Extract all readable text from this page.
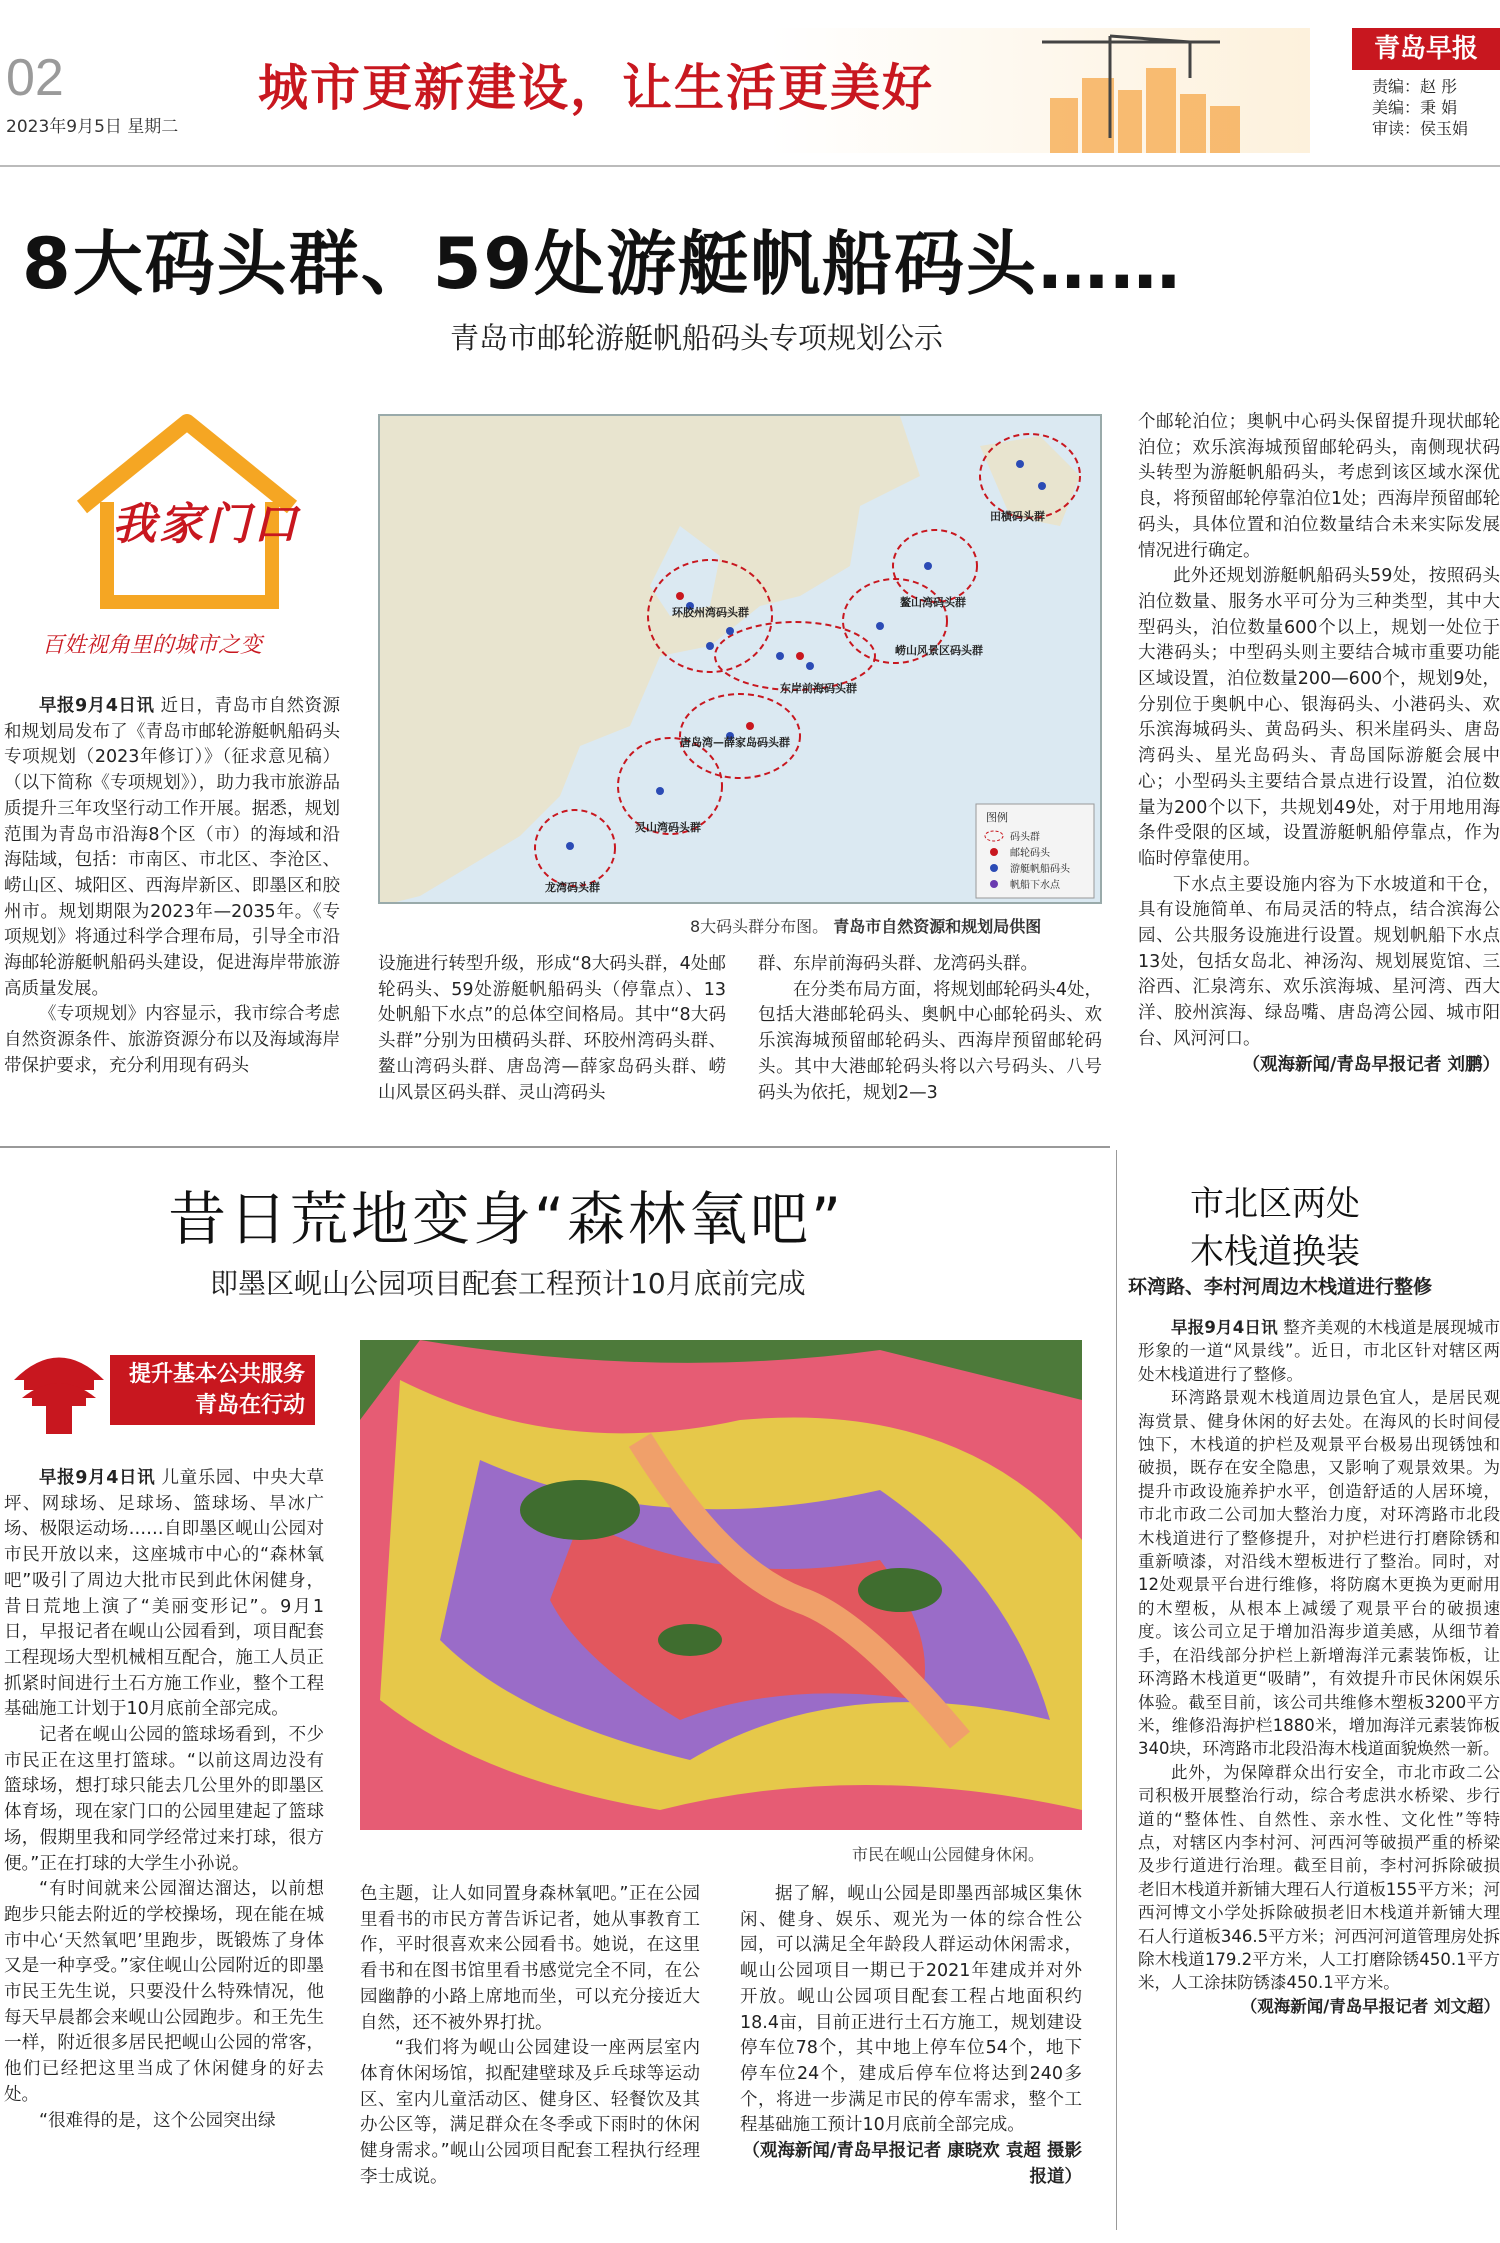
02
2023年9月5日 星期二
城市更新建设，让生活更美好
青岛早报
责编：赵 彤
美编：秉 娟
审读：侯玉娟
8大码头群、59处游艇帆船码头……
青岛市邮轮游艇帆船码头专项规划公示
我家门口
百姓视角里的城市之变

早报9月4日讯 近日，青岛市自然资源和规划局发布了《青岛市邮轮游艇帆船码头专项规划（2023年修订）》（征求意见稿）（以下简称《专项规划》），助力我市旅游品质提升三年攻坚行动工作开展。据悉，规划范围为青岛市沿海8个区（市）的海域和沿海陆域，包括：市南区、市北区、李沧区、崂山区、城阳区、西海岸新区、即墨区和胶州市。规划期限为2023年—2035年。《专项规划》将通过科学合理布局，引导全市沿海邮轮游艇帆船码头建设，促进海岸带旅游高质量发展。

《专项规划》内容显示，我市综合考虑自然资源条件、旅游资源分布以及海域海岸带保护要求，充分利用现有码头

田横码头群
鳌山湾码头群
环胶州湾码头群
崂山风景区码头群
东岸前海码头群
唐岛湾—薛家岛码头群
灵山湾码头群
龙湾码头群
图例
码头群
邮轮码头
游艇帆船码头
帆船下水点
8大码头群分布图。 青岛市自然资源和规划局供图

设施进行转型升级，形成“8大码头群，4处邮轮码头、59处游艇帆船码头（停靠点）、13处帆船下水点”的总体空间格局。其中“8大码头群”分别为田横码头群、环胶州湾码头群、鳌山湾码头群、唐岛湾—薛家岛码头群、崂山风景区码头群、灵山湾码头

群、东岸前海码头群、龙湾码头群。

在分类布局方面，将规划邮轮码头4处，包括大港邮轮码头、奥帆中心邮轮码头、欢乐滨海城预留邮轮码头、西海岸预留邮轮码头。其中大港邮轮码头将以六号码头、八号码头为依托，规划2—3

个邮轮泊位；奥帆中心码头保留提升现状邮轮泊位；欢乐滨海城预留邮轮码头，南侧现状码头转型为游艇帆船码头，考虑到该区域水深优良，将预留邮轮停靠泊位1处；西海岸预留邮轮码头，具体位置和泊位数量结合未来实际发展情况进行确定。

此外还规划游艇帆船码头59处，按照码头泊位数量、服务水平可分为三种类型，其中大型码头，泊位数量600个以上，规划一处位于大港码头；中型码头则主要结合城市重要功能区域设置，泊位数量200—600个，规划9处，分别位于奥帆中心、银海码头、小港码头、欢乐滨海城码头、黄岛码头、积米崖码头、唐岛湾码头、星光岛码头、青岛国际游艇会展中心；小型码头主要结合景点进行设置，泊位数量为200个以下，共规划49处，对于用地用海条件受限的区域，设置游艇帆船停靠点，作为临时停靠使用。

下水点主要设施内容为下水坡道和干仓，具有设施简单、布局灵活的特点，结合滨海公园、公共服务设施进行设置。规划帆船下水点13处，包括女岛北、神汤沟、规划展览馆、三浴西、汇泉湾东、欢乐滨海城、星河湾、西大洋、胶州滨海、绿岛嘴、唐岛湾公园、城市阳台、风河河口。

（观海新闻/青岛早报记者 刘鹏）

昔日荒地变身“森林氧吧”
即墨区岘山公园项目配套工程预计10月底前完成
提升基本公共服务
青岛在行动

早报9月4日讯 儿童乐园、中央大草坪、网球场、足球场、篮球场、旱冰广场、极限运动场……自即墨区岘山公园对市民开放以来，这座城市中心的“森林氧吧”吸引了周边大批市民到此休闲健身，昔日荒地上演了“美丽变形记”。9月1日，早报记者在岘山公园看到，项目配套工程现场大型机械相互配合，施工人员正抓紧时间进行土石方施工作业，整个工程基础施工计划于10月底前全部完成。

记者在岘山公园的篮球场看到，不少市民正在这里打篮球。“以前这周边没有篮球场，想打球只能去几公里外的即墨区体育场，现在家门口的公园里建起了篮球场，假期里我和同学经常过来打球，很方便。”正在打球的大学生小孙说。

“有时间就来公园溜达溜达，以前想跑步只能去附近的学校操场，现在能在城市中心‘天然氧吧’里跑步，既锻炼了身体又是一种享受。”家住岘山公园附近的即墨市民王先生说，只要没什么特殊情况，他每天早晨都会来岘山公园跑步。和王先生一样，附近很多居民把岘山公园的常客，他们已经把这里当成了休闲健身的好去处。

“很难得的是，这个公园突出绿

市民在岘山公园健身休闲。

色主题，让人如同置身森林氧吧。”正在公园里看书的市民方菁告诉记者，她从事教育工作，平时很喜欢来公园看书。她说，在这里看书和在图书馆里看书感觉完全不同，在公园幽静的小路上席地而坐，可以充分接近大自然，还不被外界打扰。

“我们将为岘山公园建设一座两层室内体育休闲场馆，拟配建壁球及乒乓球等运动区、室内儿童活动区、健身区、轻餐饮及其办公区等，满足群众在冬季或下雨时的休闲健身需求。”岘山公园项目配套工程执行经理李士成说。

据了解，岘山公园是即墨西部城区集休闲、健身、娱乐、观光为一体的综合性公园，可以满足全年龄段人群运动休闲需求，岘山公园项目一期已于2021年建成并对外开放。岘山公园项目配套工程占地面积约18.4亩，目前正进行土石方施工，规划建设停车位78个，其中地上停车位54个，地下停车位24个，建成后停车位将达到240多个，将进一步满足市民的停车需求，整个工程基础施工预计10月底前全部完成。

（观海新闻/青岛早报记者 康晓欢 袁超 摄影报道）

市北区两处
木栈道换装
环湾路、李村河周边木栈道进行整修

早报9月4日讯 整齐美观的木栈道是展现城市形象的一道“风景线”。近日，市北区针对辖区两处木栈道进行了整修。

环湾路景观木栈道周边景色宜人，是居民观海赏景、健身休闲的好去处。在海风的长时间侵蚀下，木栈道的护栏及观景平台极易出现锈蚀和破损，既存在安全隐患，又影响了观景效果。为提升市政设施养护水平，创造舒适的人居环境，市北市政二公司加大整治力度，对环湾路市北段木栈道进行了整修提升，对护栏进行打磨除锈和重新喷漆，对沿线木塑板进行了整治。同时，对12处观景平台进行维修，将防腐木更换为更耐用的木塑板，从根本上减缓了观景平台的破损速度。该公司立足于增加沿海步道美感，从细节着手，在沿线部分护栏上新增海洋元素装饰板，让环湾路木栈道更“吸睛”，有效提升市民休闲娱乐体验。截至目前，该公司共维修木塑板3200平方米，维修沿海护栏1880米，增加海洋元素装饰板340块，环湾路市北段沿海木栈道面貌焕然一新。

此外，为保障群众出行安全，市北市政二公司积极开展整治行动，综合考虑洪水桥梁、步行道的“整体性、自然性、亲水性、文化性”等特点，对辖区内李村河、河西河等破损严重的桥梁及步行道进行治理。截至目前，李村河拆除破损老旧木栈道并新铺大理石人行道板155平方米；河西河博文小学处拆除破损老旧木栈道并新铺大理石人行道板346.5平方米；河西河河道管理房处拆除木栈道179.2平方米，人工打磨除锈450.1平方米，人工涂抹防锈漆450.1平方米。

（观海新闻/青岛早报记者 刘文超）
